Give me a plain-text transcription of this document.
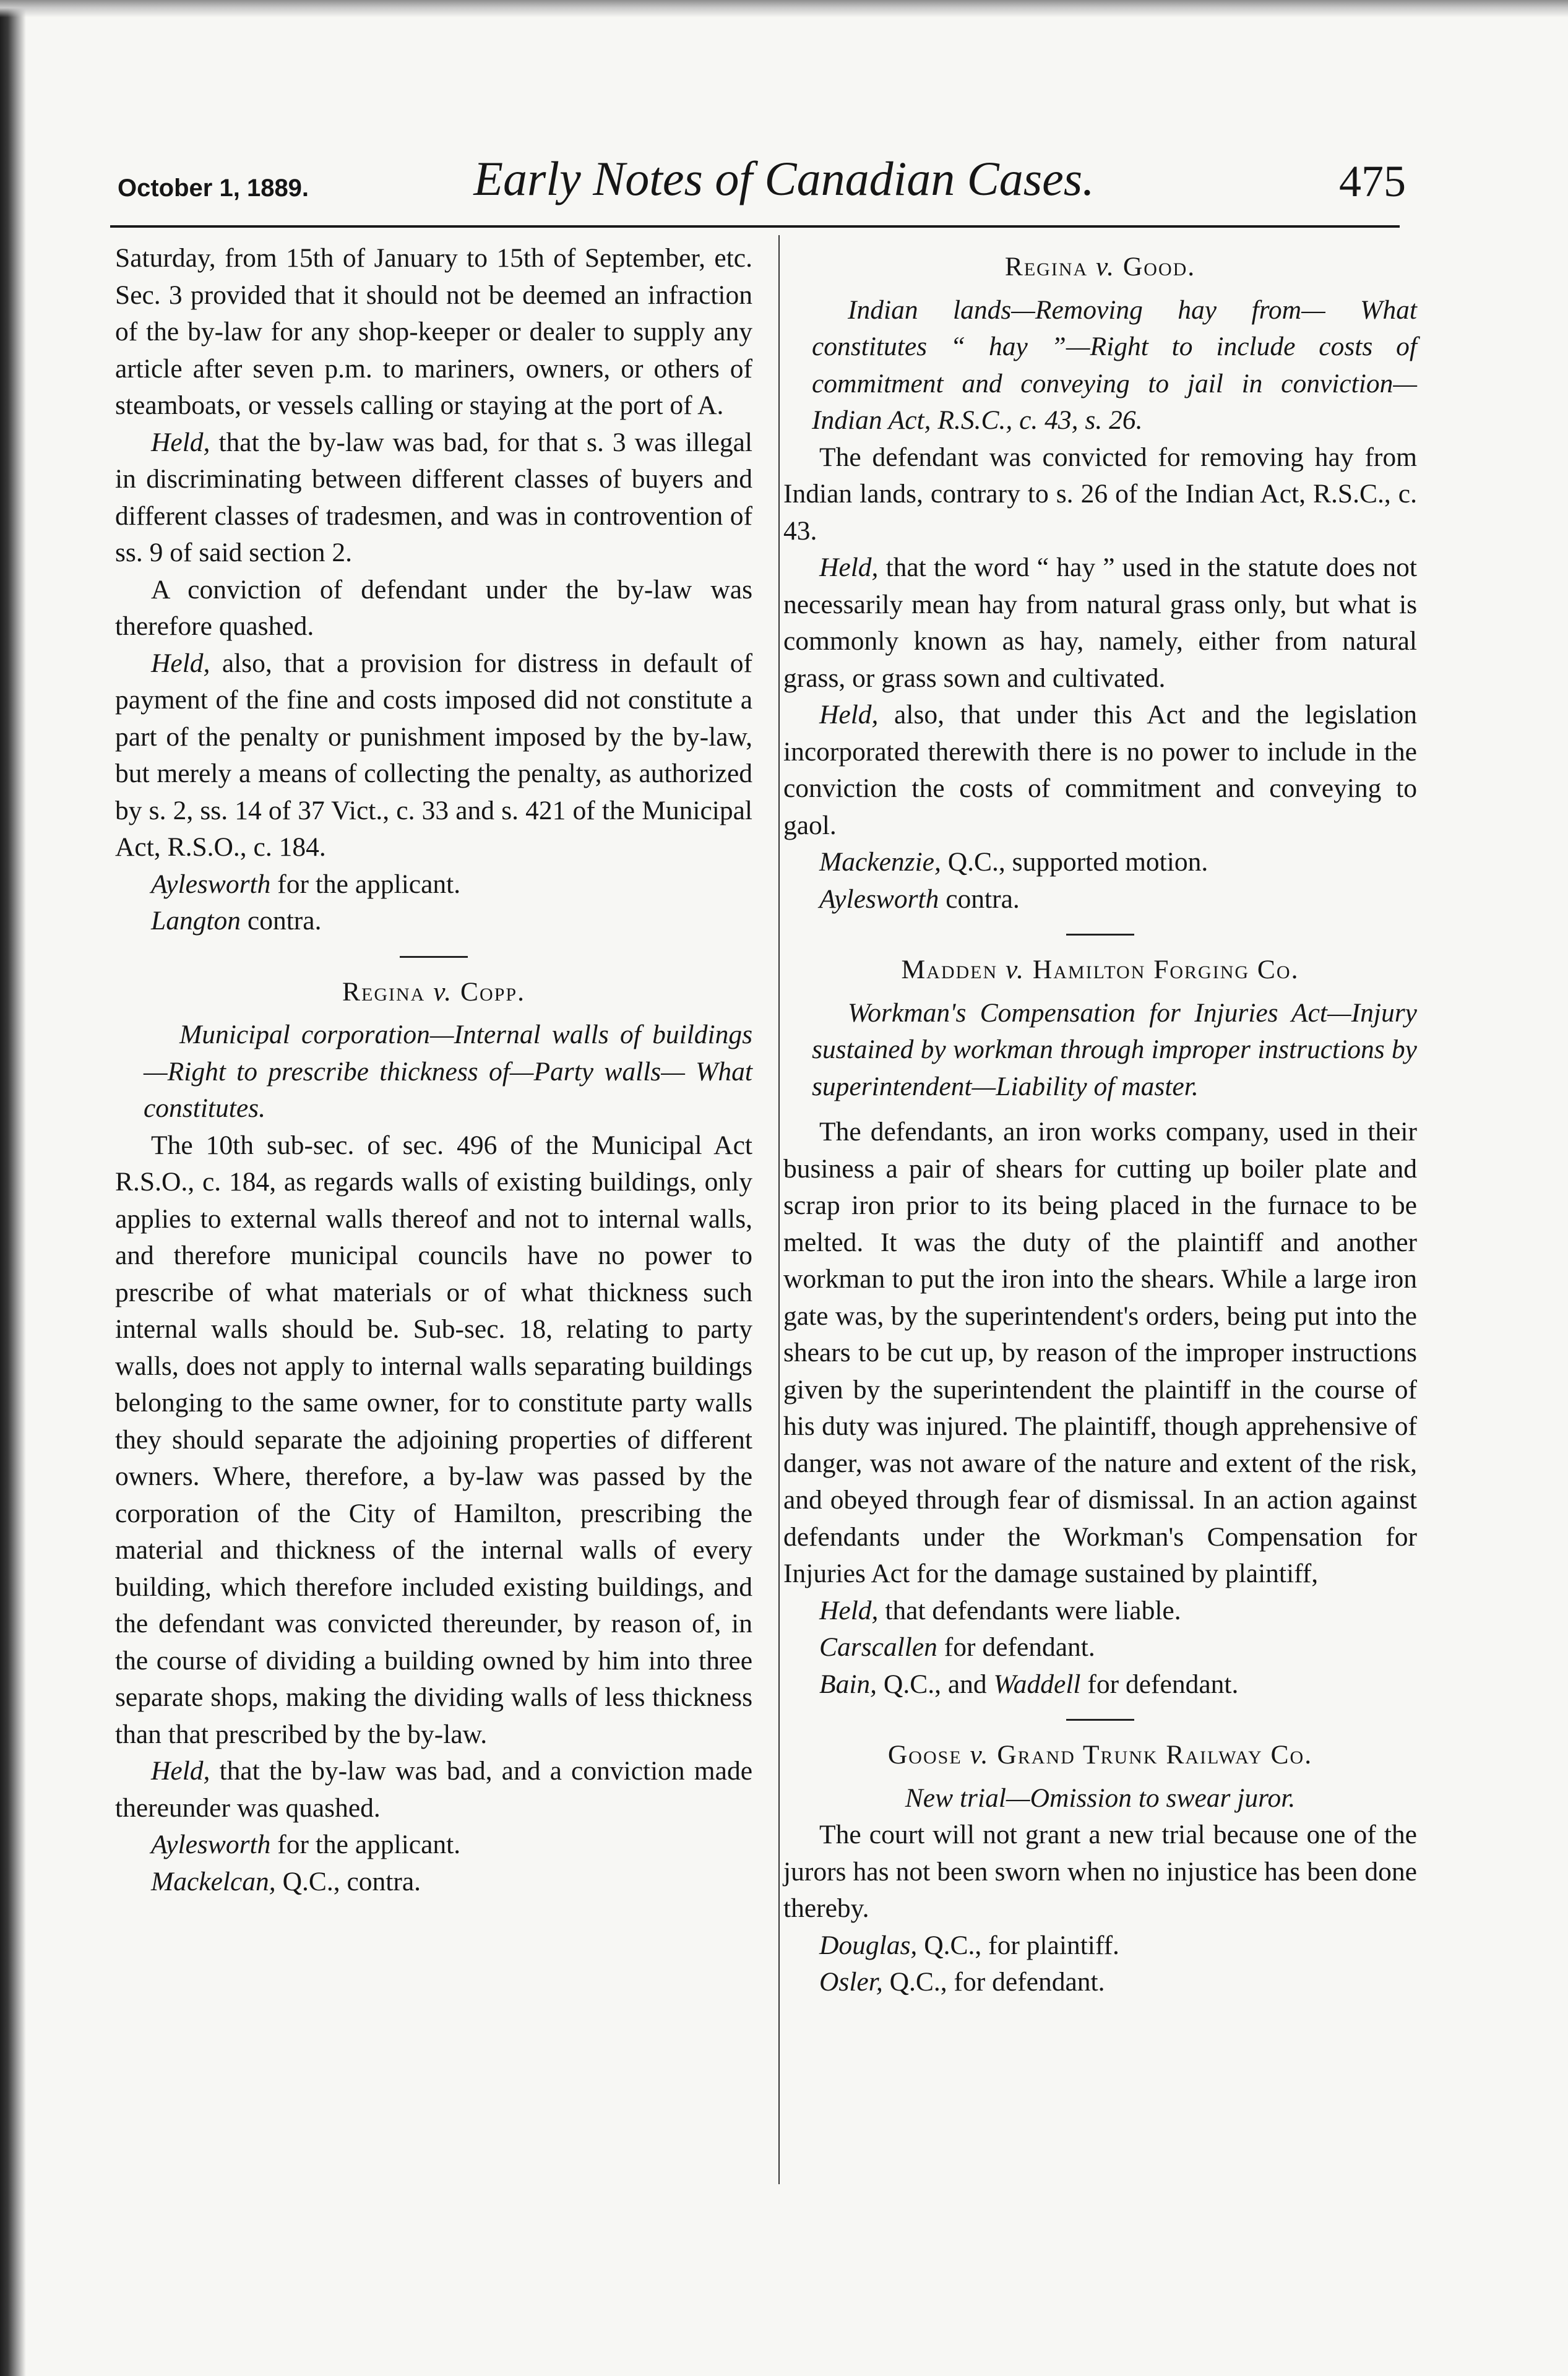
October 1, 1889.	Early Notes of Canadian Cases.	475

Saturday, from 15th of January to 15th of September, etc. Sec. 3 provided that it should not be deemed an infraction of the by-law for any shop-keeper or dealer to supply any article after seven p.m. to mariners, owners, or others of steamboats, or vessels calling or staying at the port of A.

Held, that the by-law was bad, for that s. 3 was illegal in discriminating between different classes of buyers and different classes of tradesmen, and was in controvention of ss. 9 of said section 2.

A conviction of defendant under the by-law was therefore quashed.

Held, also, that a provision for distress in default of payment of the fine and costs imposed did not constitute a part of the penalty or punishment imposed by the by-law, but merely a means of collecting the penalty, as authorized by s. 2, ss. 14 of 37 Vict., c. 33 and s. 421 of the Municipal Act, R.S.O., c. 184.

Aylesworth for the applicant.

Langton contra.

Regina v. Copp.

Municipal corporation—Internal walls of buildings—Right to prescribe thickness of—Party walls— What constitutes.

The 10th sub-sec. of sec. 496 of the Municipal Act R.S.O., c. 184, as regards walls of existing buildings, only applies to external walls thereof and not to internal walls, and therefore municipal councils have no power to prescribe of what materials or of what thickness such internal walls should be. Sub-sec. 18, relating to party walls, does not apply to internal walls separating buildings belonging to the same owner, for to constitute party walls they should separate the adjoining properties of different owners. Where, therefore, a by-law was passed by the corporation of the City of Hamilton, prescribing the material and thickness of the internal walls of every building, which therefore included existing buildings, and the defendant was convicted thereunder, by reason of, in the course of dividing a building owned by him into three separate shops, making the dividing walls of less thickness than that prescribed by the by-law.

Held, that the by-law was bad, and a conviction made thereunder was quashed.

Aylesworth for the applicant.

Mackelcan, Q.C., contra.

Regina v. Good.

Indian lands—Removing hay from— What constitutes “ hay ”—Right to include costs of commitment and conveying to jail in conviction—Indian Act, R.S.C., c. 43, s. 26.

The defendant was convicted for removing hay from Indian lands, contrary to s. 26 of the Indian Act, R.S.C., c. 43.

Held, that the word “ hay ” used in the statute does not necessarily mean hay from natural grass only, but what is commonly known as hay, namely, either from natural grass, or grass sown and cultivated.

Held, also, that under this Act and the legislation incorporated therewith there is no power to include in the conviction the costs of commitment and conveying to gaol.

Mackenzie, Q.C., supported motion.

Aylesworth contra.

Madden v. Hamilton Forging Co.

Workman's Compensation for Injuries Act—Injury sustained by workman through improper instructions by superintendent—Liability of master.

The defendants, an iron works company, used in their business a pair of shears for cutting up boiler plate and scrap iron prior to its being placed in the furnace to be melted. It was the duty of the plaintiff and another workman to put the iron into the shears. While a large iron gate was, by the superintendent's orders, being put into the shears to be cut up, by reason of the improper instructions given by the superintendent the plaintiff in the course of his duty was injured. The plaintiff, though apprehensive of danger, was not aware of the nature and extent of the risk, and obeyed through fear of dismissal. In an action against defendants under the Workman's Compensation for Injuries Act for the damage sustained by plaintiff,

Held, that defendants were liable.

Carscallen for defendant.

Bain, Q.C., and Waddell for defendant.

Goose v. Grand Trunk Railway Co.

New trial—Omission to swear juror.

The court will not grant a new trial because one of the jurors has not been sworn when no injustice has been done thereby.

Douglas, Q.C., for plaintiff.

Osler, Q.C., for defendant.
